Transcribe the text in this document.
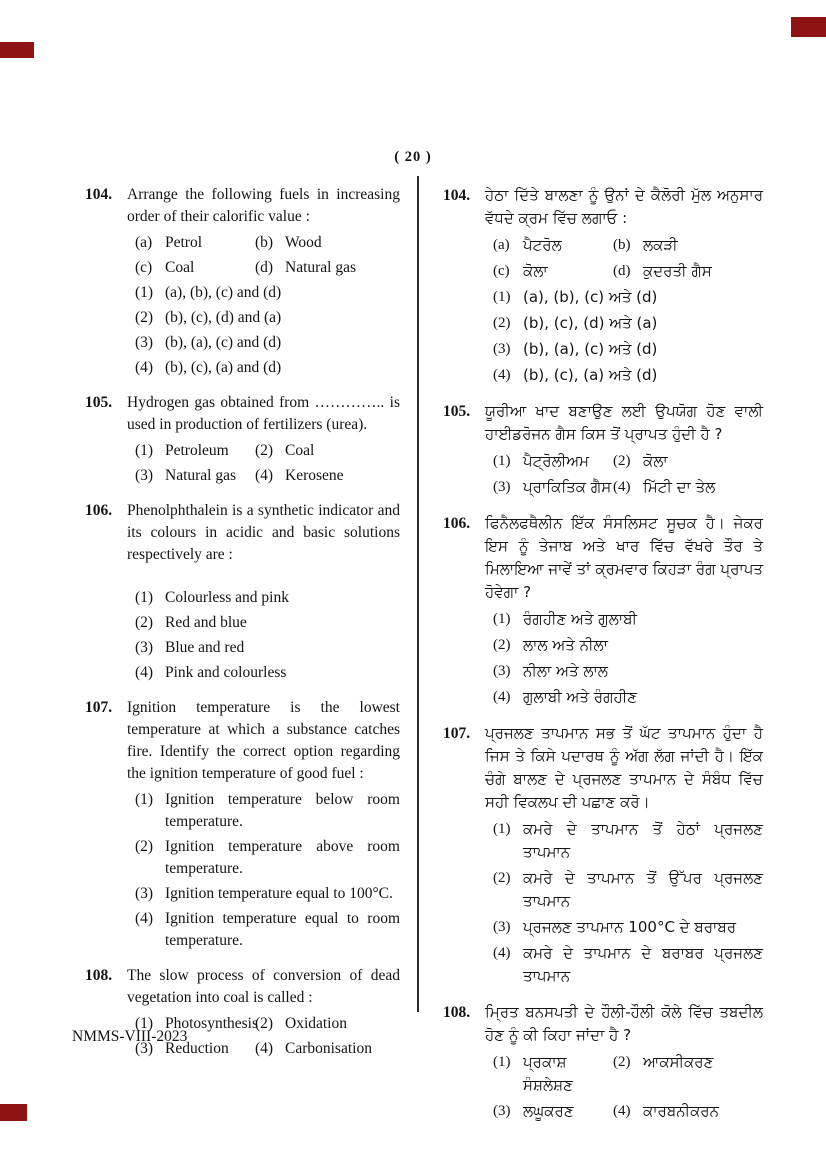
( 20 )
104. Arrange the following fuels in increasing order of their calorific value :
(a) Petrol	(b) Wood
(c) Coal	(d) Natural gas
(1) (a), (b), (c) and (d)
(2) (b), (c), (d) and (a)
(3) (b), (a), (c) and (d)
(4) (b), (c), (a) and (d)
105. Hydrogen gas obtained from ………….. is used in production of fertilizers (urea).
(1) Petroleum	(2) Coal
(3) Natural gas	(4) Kerosene
106. Phenolphthalein is a synthetic indicator and its colours in acidic and basic solutions respectively are :
(1) Colourless and pink
(2) Red and blue
(3) Blue and red
(4) Pink and colourless
107. Ignition temperature is the lowest temperature at which a substance catches fire. Identify the correct option regarding the ignition temperature of good fuel :
(1) Ignition temperature below room temperature.
(2) Ignition temperature above room temperature.
(3) Ignition temperature equal to 100°C.
(4) Ignition temperature equal to room temperature.
108. The slow process of conversion of dead vegetation into coal is called :
(1) Photosynthesis
(2) Oxidation
(3) Reduction	(4) Carbonisation
104. ਹੇਠਾ ਦਿੱਤੇ ਬਾਲਣਾ ਨੂੰ ਉਨਾਂ ਦੇ ਕੈਲੋਰੀ ਮੁੱਲ ਅਨੁਸਾਰ ਵੱਧਦੇ ਕ੍ਰਮ ਵਿੱਚ ਲਗਾਓ :
(a) ਪੈਟਰੋਲ	(b) ਲਕੜੀ
(c) ਕੋਲਾ	(d) ਕੁਦਰਤੀ ਗੈਸ
(1) (a), (b), (c) ਅਤੇ (d)
(2) (b), (c), (d) ਅਤੇ (a)
(3) (b), (a), (c) ਅਤੇ (d)
(4) (b), (c), (a) ਅਤੇ (d)
105. ਯੂਰੀਆ ਖਾਦ ਬਣਾਉਣ ਲਈ ਉਪਯੋਗ ਹੋਣ ਵਾਲੀ ਹਾਈਡਰੋਜਨ ਗੈਸ ਕਿਸ ਤੋਂ ਪ੍ਰਾਪਤ ਹੁੰਦੀ ਹੈ ?
(1) ਪੈਟ੍ਰੋਲੀਅਮ	(2) ਕੋਲਾ
(3) ਪ੍ਰਾਕਿਤਿਕ ਗੈਸ (4) ਮਿੱਟੀ ਦਾ ਤੇਲ
106. ਫਿਨੈਲਫਥੈਲੀਨ ਇੱਕ ਸੰਸਲਿਸਟ ਸੂਚਕ ਹੈ। ਜੇਕਰ ਇਸ ਨੂੰ ਤੇਜਾਬ ਅਤੇ ਖਾਰ ਵਿੱਚ ਵੱਖਰੇ ਤੌਰ ਤੇ ਮਿਲਾਇਆ ਜਾਵੇਂ ਤਾਂ ਕ੍ਰਮਵਾਰ ਕਿਹੜਾ ਰੰਗ ਪ੍ਰਾਪਤ ਹੋਵੇਗਾ ?
(1) ਰੰਗਹੀਣ ਅਤੇ ਗੁਲਾਬੀ
(2) ਲਾਲ ਅਤੇ ਨੀਲਾ
(3) ਨੀਲਾ ਅਤੇ ਲਾਲ
(4) ਗੁਲਾਬੀ ਅਤੇ ਰੰਗਹੀਣ
107. ਪ੍ਰਜਲਣ ਤਾਪਮਾਨ ਸਭ ਤੋਂ ਘੱਟ ਤਾਪਮਾਨ ਹੁੰਦਾ ਹੈ ਜਿਸ ਤੇ ਕਿਸੇ ਪਦਾਰਥ ਨੂੰ ਅੱਗ ਲੱਗ ਜਾਂਦੀ ਹੈ। ਇੱਕ ਚੰਗੇ ਬਾਲਣ ਦੇ ਪ੍ਰਜਲਣ ਤਾਪਮਾਨ ਦੇ ਸੰਬੰਧ ਵਿੱਚ ਸਹੀ ਵਿਕਲਪ ਦੀ ਪਛਾਣ ਕਰੋ।
(1) ਕਮਰੇ ਦੇ ਤਾਪਮਾਨ ਤੋਂ ਹੇਠਾਂ ਪ੍ਰਜਲਣ ਤਾਪਮਾਨ
(2) ਕਮਰੇ ਦੇ ਤਾਪਮਾਨ ਤੋਂ ਉੱਪਰ ਪ੍ਰਜਲਣ ਤਾਪਮਾਨ
(3) ਪ੍ਰਜਲਣ ਤਾਪਮਾਨ 100°C ਦੇ ਬਰਾਬਰ
(4) ਕਮਰੇ ਦੇ ਤਾਪਮਾਨ ਦੇ ਬਰਾਬਰ ਪ੍ਰਜਲਣ ਤਾਪਮਾਨ
108. ਮ੍ਰਿਤ ਬਨਸਪਤੀ ਦੇ ਹੌਲੀ-ਹੌਲੀ ਕੋਲੇ ਵਿੱਚ ਤਬਦੀਲ ਹੋਣ ਨੂੰ ਕੀ ਕਿਹਾ ਜਾਂਦਾ ਹੈ ?
(1) ਪ੍ਰਕਾਸ਼ ਸੰਸ਼ਲੇਸ਼ਣ
(2) ਆਕਸੀਕਰਣ
(3) ਲਘੂਕਰਣ	(4) ਕਾਰਬਨੀਕਰਨ
NMMS-VIII-2023
